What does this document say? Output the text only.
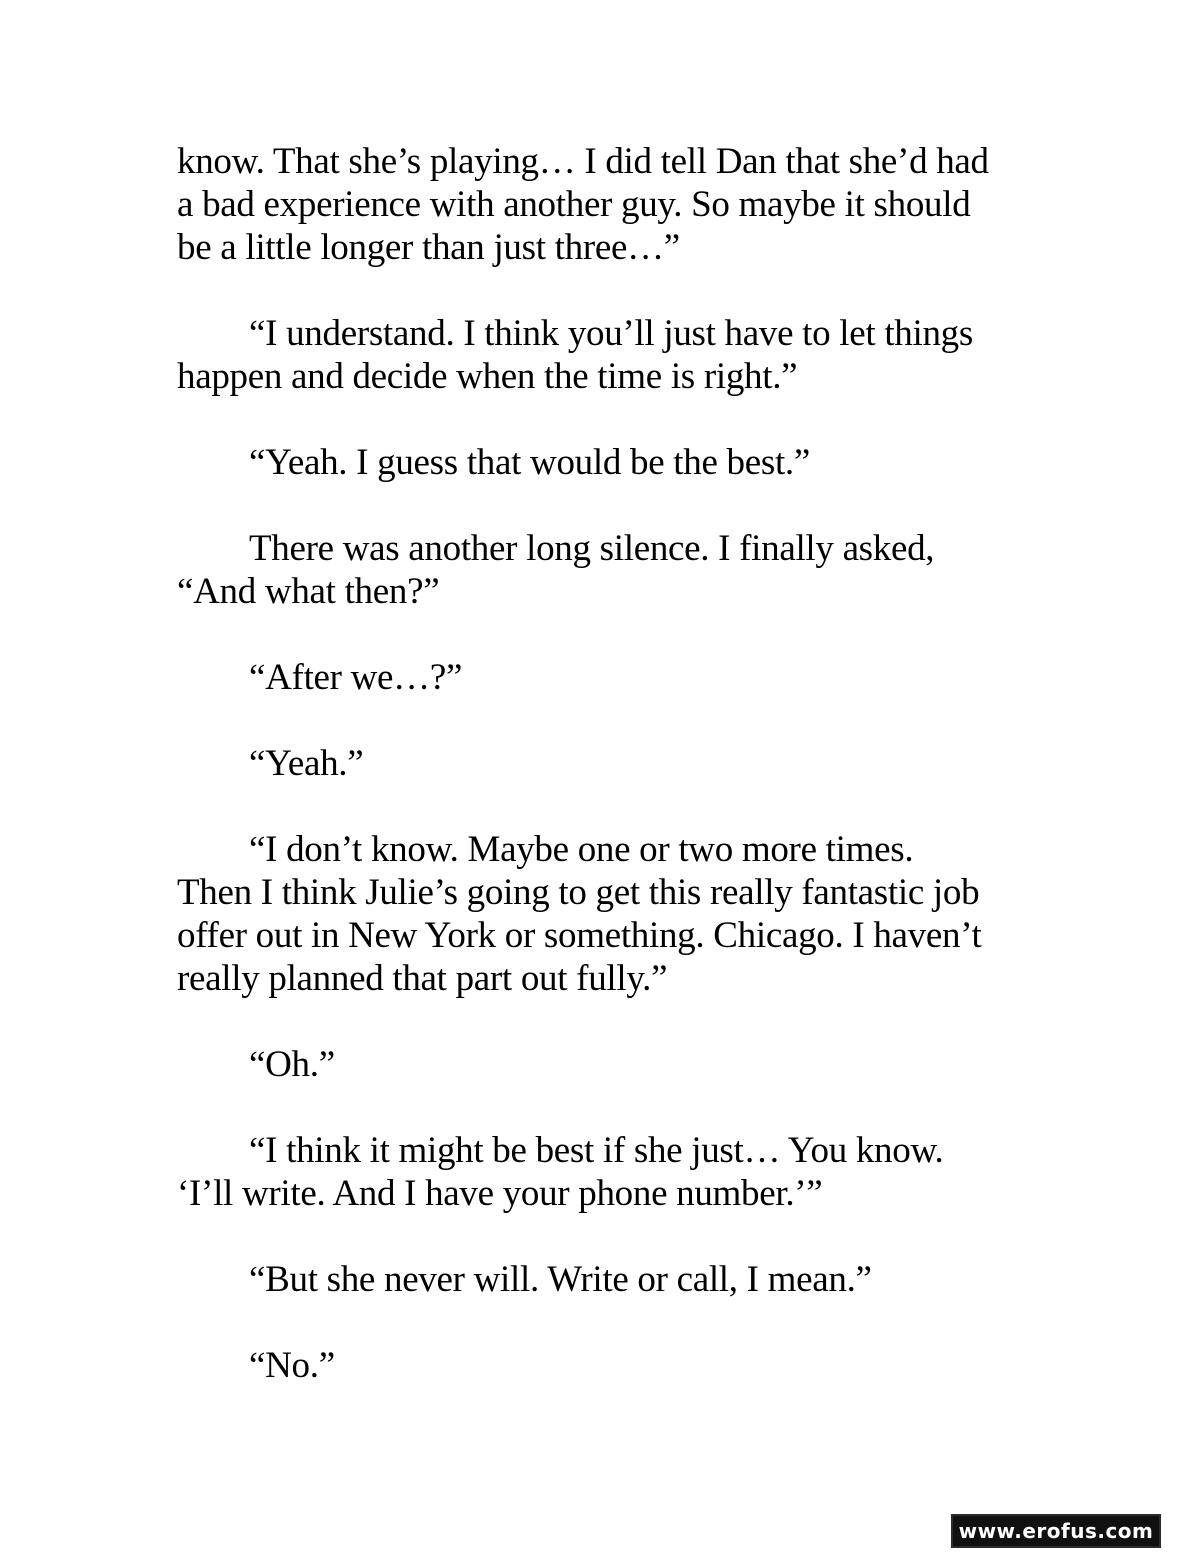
know. That she’s playing… I did tell Dan that she’d had
a bad experience with another guy. So maybe it should
be a little longer than just three…”
“I understand. I think you’ll just have to let things
happen and decide when the time is right.”
“Yeah. I guess that would be the best.”
There was another long silence. I finally asked,
“And what then?”
“After we…?”
“Yeah.”
“I don’t know. Maybe one or two more times.
Then I think Julie’s going to get this really fantastic job
offer out in New York or something. Chicago. I haven’t
really planned that part out fully.”
“Oh.”
“I think it might be best if she just… You know.
‘I’ll write. And I have your phone number.’”
“But she never will. Write or call, I mean.”
“No.”
www.erofus.com
